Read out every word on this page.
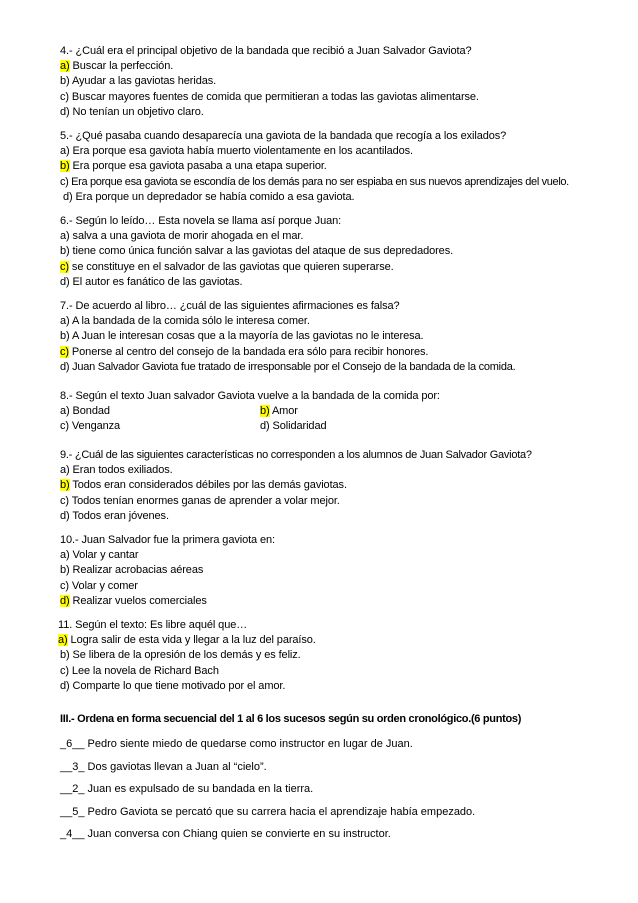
4.- ¿Cuál era el principal objetivo de la bandada que recibió a Juan Salvador Gaviota?
a) Buscar la perfección.
b) Ayudar a las gaviotas heridas.
c) Buscar mayores fuentes de comida que permitieran a todas las gaviotas alimentarse.
d) No tenían un objetivo claro.
5.- ¿Qué pasaba cuando desaparecía una gaviota de la bandada que recogía a los exilados?
a) Era porque esa gaviota había muerto violentamente en los acantilados.
b) Era porque esa gaviota pasaba a una etapa superior.
c) Era porque esa gaviota se escondía de los demás para no ser espiaba en sus nuevos aprendizajes del vuelo.
d) Era porque un depredador se había comido a esa gaviota.
6.- Según lo leído… Esta novela se llama así porque Juan:
a) salva a una gaviota de morir ahogada en el mar.
b) tiene como única función salvar a las gaviotas del ataque de sus depredadores.
c) se constituye en el salvador de las gaviotas que quieren superarse.
d) El autor es fanático de las gaviotas.
7.- De acuerdo al libro… ¿cuál de las siguientes afirmaciones es falsa?
a) A la bandada de la comida sólo le interesa comer.
b) A Juan le interesan cosas que a la mayoría de las gaviotas no le interesa.
c) Ponerse al centro del consejo de la bandada era sólo para recibir honores.
d) Juan Salvador Gaviota fue tratado de irresponsable por el Consejo de la bandada de la comida.
8.- Según el texto Juan salvador Gaviota vuelve a la bandada de la comida por:
a) Bondad	b) Amor
c) Venganza	d) Solidaridad
9.- ¿Cuál de las siguientes características no corresponden a los alumnos de Juan Salvador Gaviota?
a) Eran todos exiliados.
b) Todos eran considerados débiles por las demás gaviotas.
c) Todos tenían enormes ganas de aprender a volar mejor.
d) Todos eran jóvenes.
10.- Juan Salvador fue la primera gaviota en:
a) Volar y cantar
b) Realizar acrobacias aéreas
c) Volar y comer
d) Realizar vuelos comerciales
11. Según el texto: Es libre aquél que…
a) Logra salir de esta vida y llegar a la luz del paraíso.
b) Se libera de la opresión de los demás y es feliz.
c) Lee la novela de Richard Bach
d) Comparte lo que tiene motivado por el amor.
III.- Ordena en forma secuencial del 1 al 6 los sucesos según su orden cronológico.(6 puntos)
_6__ Pedro siente miedo de quedarse como instructor en lugar de Juan.
__3_ Dos gaviotas llevan a Juan al “cielo”.
__2_ Juan es expulsado de su bandada en la tierra.
__5_ Pedro Gaviota se percató que su carrera hacia el aprendizaje había empezado.
_4__ Juan conversa con Chiang quien se convierte en su instructor.
